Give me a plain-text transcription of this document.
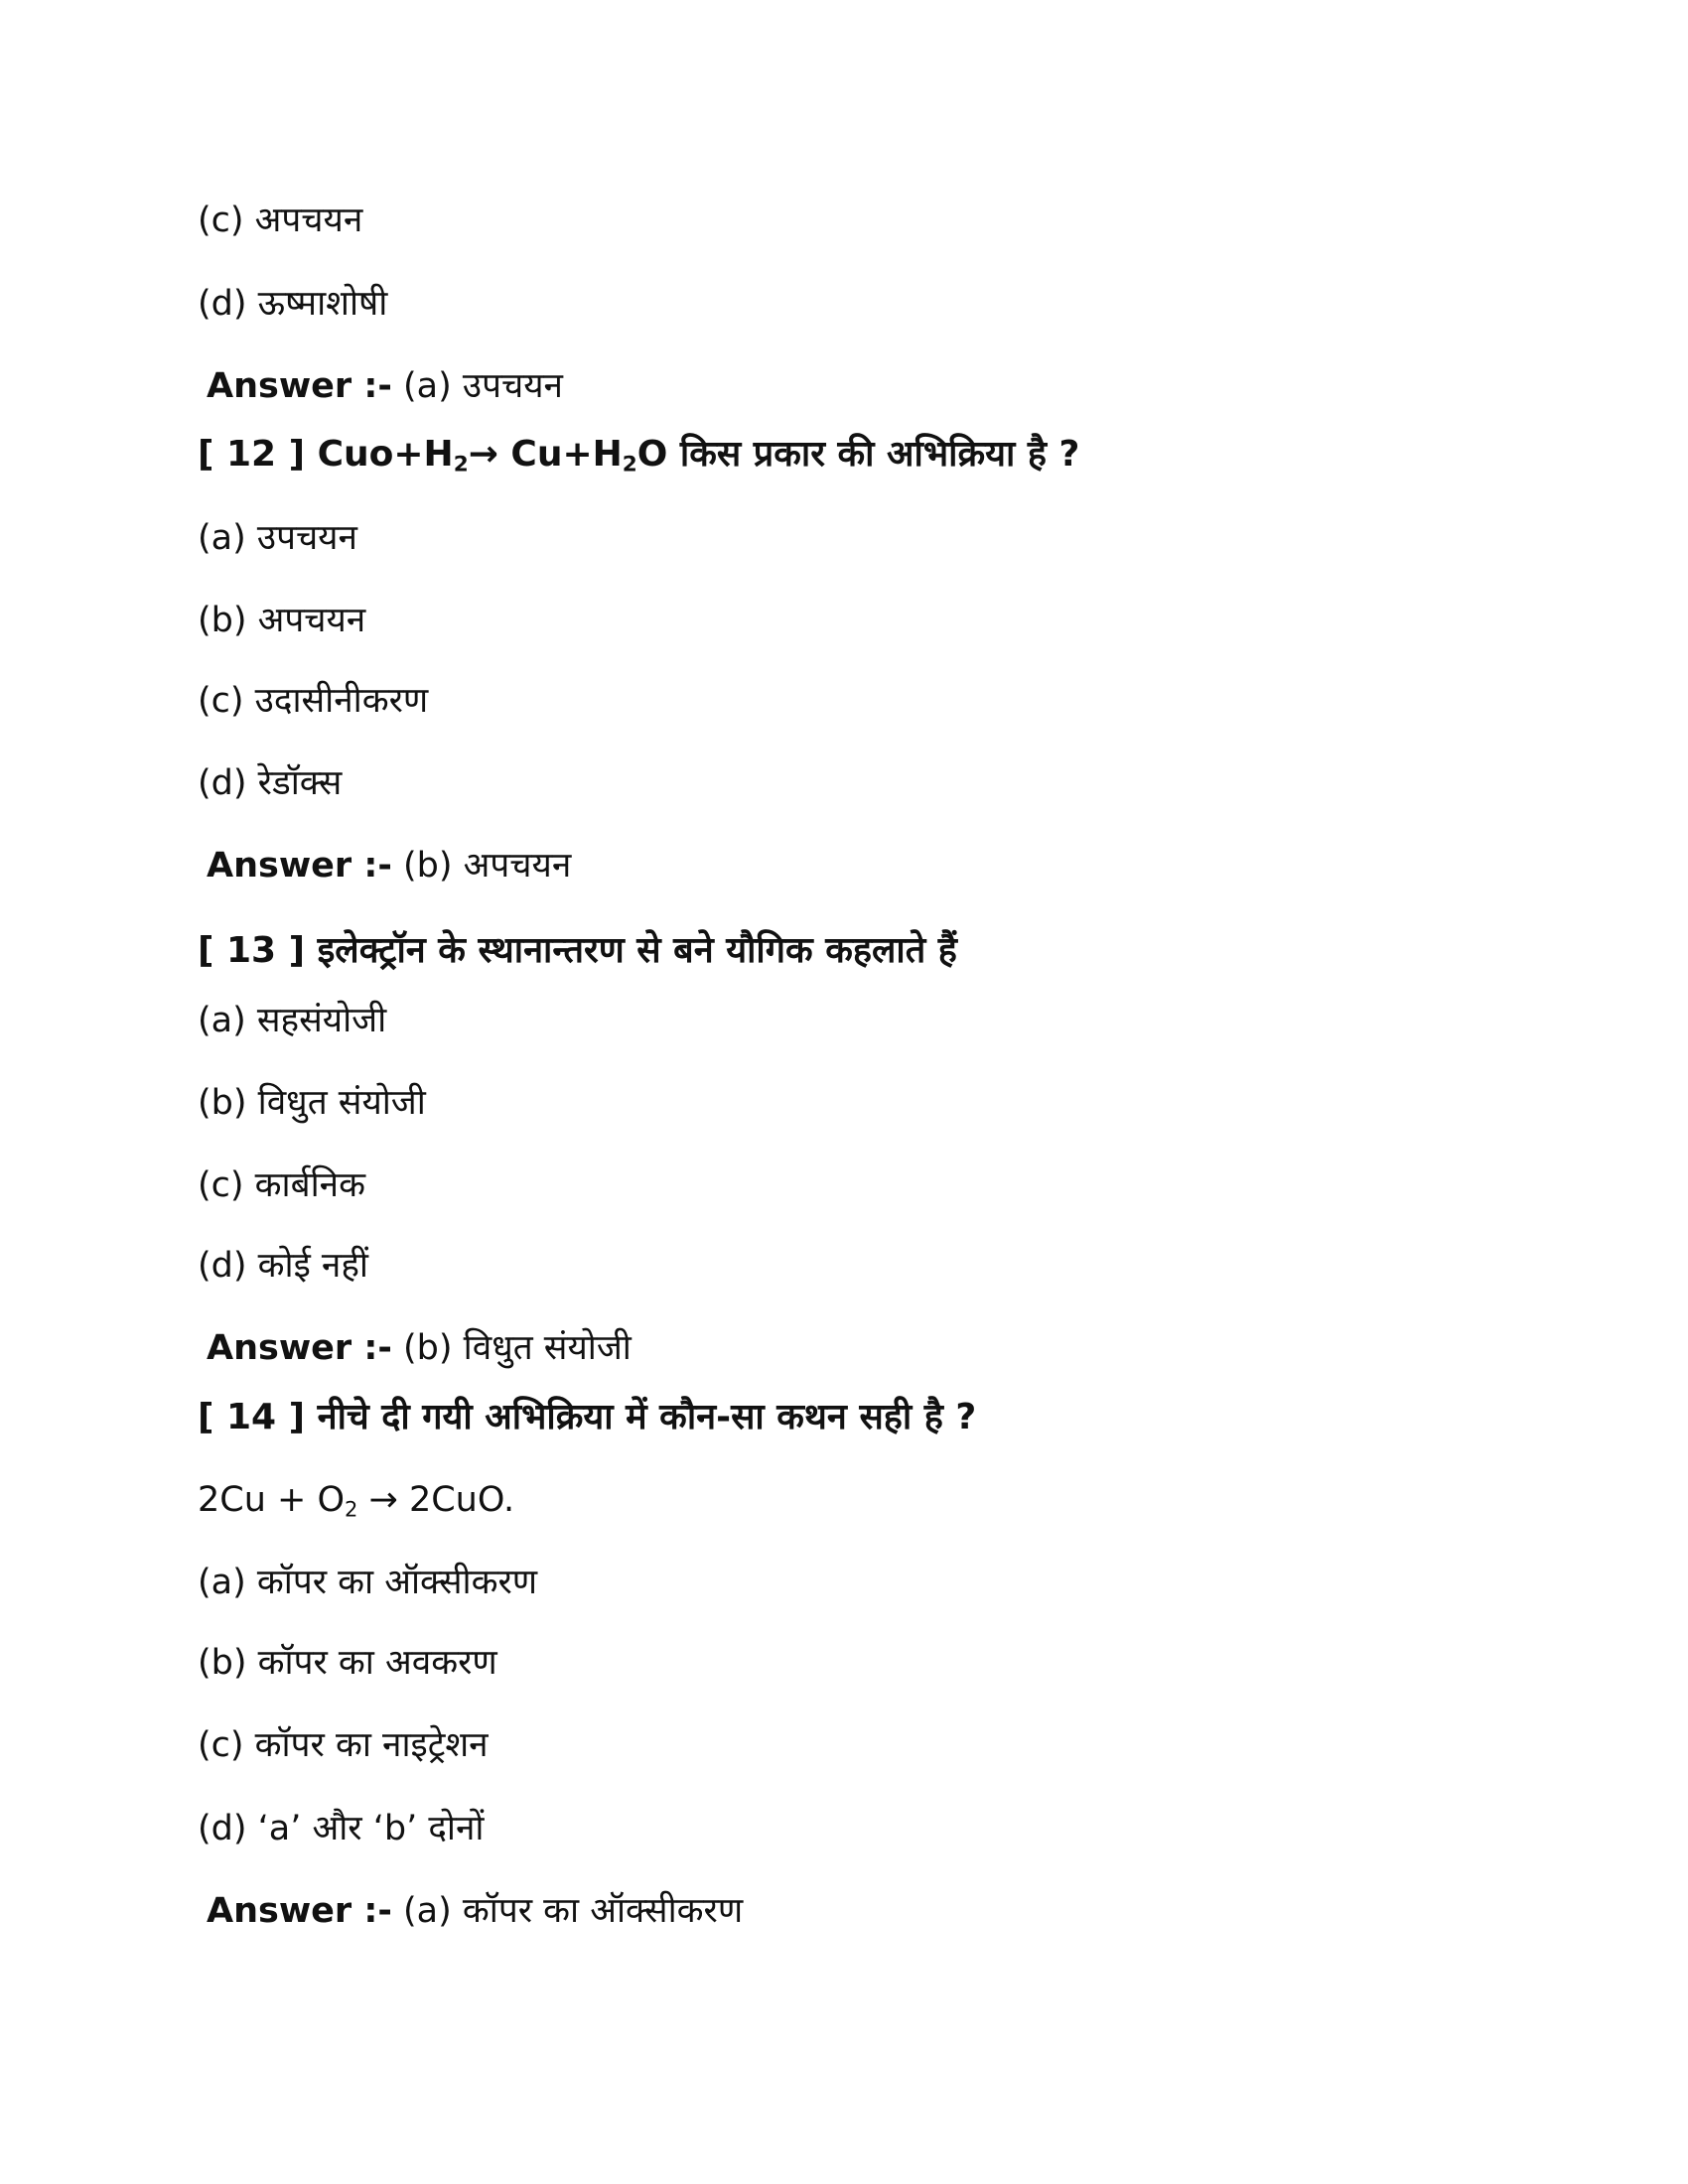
(c) अपचयन
(d) ऊष्माशोषी
Answer :- (a) उपचयन
[ 12 ] $Cuo+H_2\to Cu+H_2O$ किस प्रकार की अभिक्रिया है ?
(a) उपचयन
(b) अपचयन
(c) उदासीनीकरण
(d) रेडॉक्स
Answer :- (b) अपचयन
[ 13 ] इलेक्ट्रॉन के स्थानान्तरण से बने यौगिक कहलाते हैं
(a) सहसंयोजी
(b) विधुत संयोजी
(c) कार्बनिक
(d) कोई नहीं
Answer :- (b) विधुत संयोजी
[ 14 ] नीचे दी गयी अभिक्रिया में कौन-सा कथन सही है ?
$2Cu + O_2 \to 2CuO$.
(a) कॉपर का ऑक्सीकरण
(b) कॉपर का अवकरण
(c) कॉपर का नाइट्रेशन
(d) ‘a’ और ‘b’ दोनों
Answer :- (a) कॉपर का ऑक्सीकरण
